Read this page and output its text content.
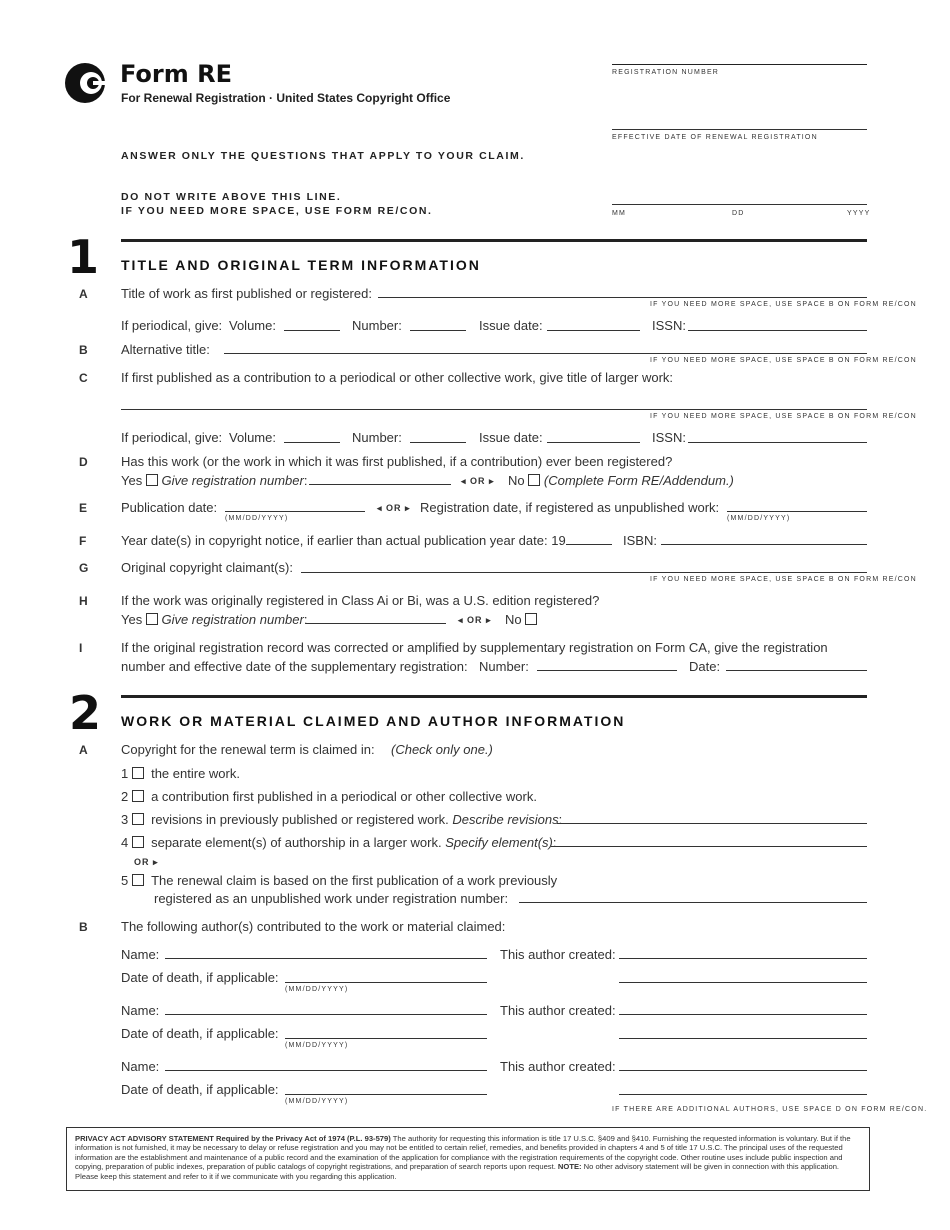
Form RE
For Renewal Registration · United States Copyright Office
REGISTRATION NUMBER
EFFECTIVE DATE OF RENEWAL REGISTRATION
ANSWER ONLY THE QUESTIONS THAT APPLY TO YOUR CLAIM.
DO NOT WRITE ABOVE THIS LINE.
IF YOU NEED MORE SPACE, USE FORM RE/CON.	MM	DD	YYYY
1 TITLE AND ORIGINAL TERM INFORMATION
A	Title of work as first published or registered:
IF YOU NEED MORE SPACE, USE SPACE B ON FORM RE/CON
If periodical, give: Volume:	Number:	Issue date:	ISSN:
B	Alternative title:
IF YOU NEED MORE SPACE, USE SPACE B ON FORM RE/CON
C	If first published as a contribution to a periodical or other collective work, give title of larger work:
IF YOU NEED MORE SPACE, USE SPACE B ON FORM RE/CON
If periodical, give: Volume:	Number:	Issue date:	ISSN:
D	Has this work (or the work in which it was first published, if a contribution) ever been registered?
Yes Give registration number:	◂ OR ▸ No (Complete Form RE/Addendum.)
E	Publication date:
(MM/DD/YYYY)
◂ OR ▸ Registration date, if registered as unpublished work:
(MM/DD/YYYY)
F	Year date(s) in copyright notice, if earlier than actual publication year date: 19	ISBN:
G	Original copyright claimant(s):
IF YOU NEED MORE SPACE, USE SPACE B ON FORM RE/CON
H	If the work was originally registered in Class Ai or Bi, was a U.S. edition registered?
Yes Give registration number:	◂ OR ▸ No
I	If the original registration record was corrected or amplified by supplementary registration on Form CA, give the registration
number and effective date of the supplementary registration: Number:	Date:
2 WORK OR MATERIAL CLAIMED AND AUTHOR INFORMATION
A	Copyright for the renewal term is claimed in: (Check only one.)
1 the entire work.
2 a contribution first published in a periodical or other collective work.
3 revisions in previously published or registered work. Describe revisions:
4 separate element(s) of authorship in a larger work. Specify element(s):
OR ▸
5 The renewal claim is based on the first publication of a work previously
registered as an unpublished work under registration number:
B	The following author(s) contributed to the work or material claimed:
Name:	This author created:
Date of death, if applicable:
(MM/DD/YYYY)
Name:	This author created:
Date of death, if applicable:
(MM/DD/YYYY)
Name:	This author created:
Date of death, if applicable:
(MM/DD/YYYY)
IF THERE ARE ADDITIONAL AUTHORS, USE SPACE D ON FORM RE/CON.
PRIVACY ACT ADVISORY STATEMENT Required by the Privacy Act of 1974 (P.L. 93-579) The authority for requesting this information is title 17 U.S.C. §409 and §410. Furnishing the requested information is voluntary. But if the information is not furnished, it may be necessary to delay or refuse registration and you may not be entitled to certain relief, remedies, and benefits provided in chapters 4 and 5 of title 17 U.S.C. The principal uses of the requested information are the establishment and maintenance of a public record and the examination of the application for compliance with the registration requirements of the copyright code. Other routine uses include public inspection and copying, preparation of public indexes, preparation of public catalogs of copyright registrations, and preparation of search reports upon request. NOTE: No other advisory statement will be given in connection with this application. Please keep this statement and refer to it if we communicate with you regarding this application.
